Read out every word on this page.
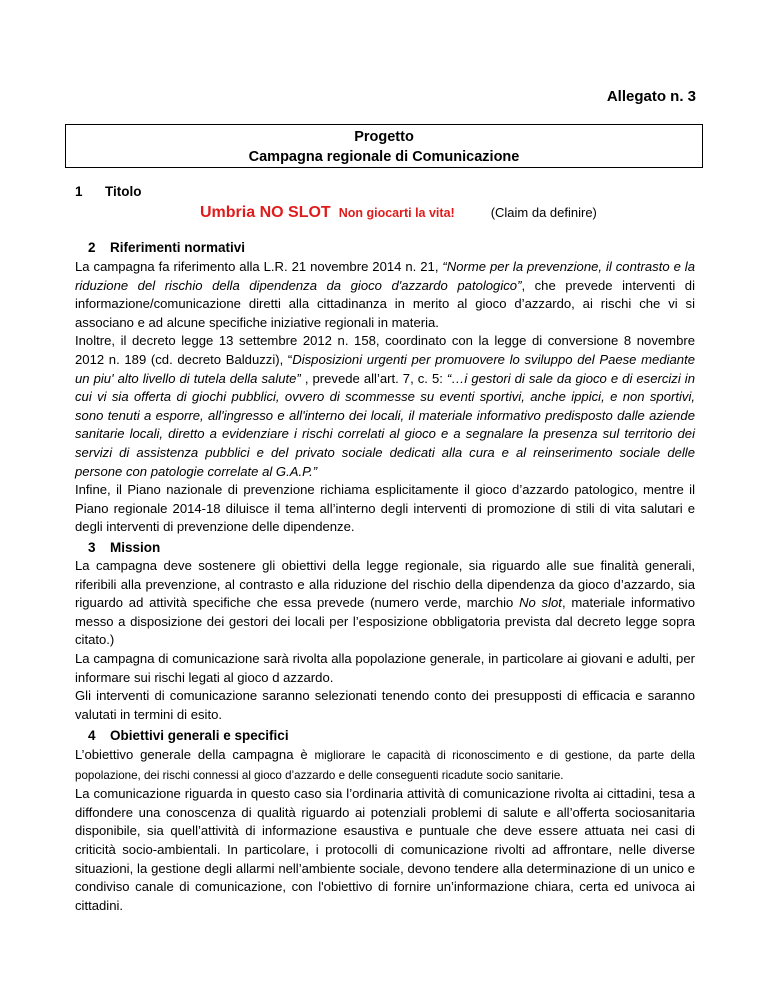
Allegato n. 3
Progetto
Campagna regionale di Comunicazione
1 Titolo
Umbria NO SLOT Non giocarti la vita!	(Claim da definire)
2 Riferimenti normativi
La campagna fa riferimento alla L.R. 21 novembre 2014 n. 21, “Norme per la prevenzione, il contrasto e la riduzione del rischio della dipendenza da gioco d'azzardo patologico”, che prevede interventi di informazione/comunicazione diretti alla cittadinanza in merito al gioco d’azzardo, ai rischi che vi si associano e ad alcune specifiche iniziative regionali in materia.
Inoltre, il decreto legge 13 settembre 2012 n. 158, coordinato con la legge di conversione 8 novembre 2012 n. 189 (cd. decreto Balduzzi), “Disposizioni urgenti per promuovere lo sviluppo del Paese mediante un piu' alto livello di tutela della salute” , prevede all’art. 7, c. 5: “…i gestori di sale da gioco e di esercizi in cui vi sia offerta di giochi pubblici, ovvero di scommesse su eventi sportivi, anche ippici, e non sportivi, sono tenuti a esporre, all'ingresso e all'interno dei locali, il materiale informativo predisposto dalle aziende sanitarie locali, diretto a evidenziare i rischi correlati al gioco e a segnalare la presenza sul territorio dei servizi di assistenza pubblici e del privato sociale dedicati alla cura e al reinserimento sociale delle persone con patologie correlate al G.A.P.”
Infine, il Piano nazionale di prevenzione richiama esplicitamente il gioco d’azzardo patologico, mentre il Piano regionale 2014-18 diluisce il tema all’interno degli interventi di promozione di stili di vita salutari e degli interventi di prevenzione delle dipendenze.
3 Mission
La campagna deve sostenere gli obiettivi della legge regionale, sia riguardo alle sue finalità generali, riferibili alla prevenzione, al contrasto e alla riduzione del rischio della dipendenza da gioco d’azzardo, sia riguardo ad attività specifiche che essa prevede (numero verde, marchio No slot, materiale informativo messo a disposizione dei gestori dei locali per l’esposizione obbligatoria prevista dal decreto legge sopra citato.)
La campagna di comunicazione sarà rivolta alla popolazione generale, in particolare ai giovani e adulti, per informare sui rischi legati al gioco d azzardo.
Gli interventi di comunicazione saranno selezionati tenendo conto dei presupposti di efficacia e saranno valutati in termini di esito.
4 Obiettivi generali e specifici
L’obiettivo generale della campagna è migliorare le capacità di riconoscimento e di gestione, da parte della popolazione, dei rischi connessi al gioco d’azzardo e delle conseguenti ricadute socio sanitarie.
La comunicazione riguarda in questo caso sia l’ordinaria attività di comunicazione rivolta ai cittadini, tesa a diffondere una conoscenza di qualità riguardo ai potenziali problemi di salute e all’offerta sociosanitaria disponibile, sia quell’attività di informazione esaustiva e puntuale che deve essere attuata nei casi di criticità socio-ambientali. In particolare, i protocolli di comunicazione rivolti ad affrontare, nelle diverse situazioni, la gestione degli allarmi nell’ambiente sociale, devono tendere alla determinazione di un unico e condiviso canale di comunicazione, con l'obiettivo di fornire un’informazione chiara, certa ed univoca ai cittadini.
